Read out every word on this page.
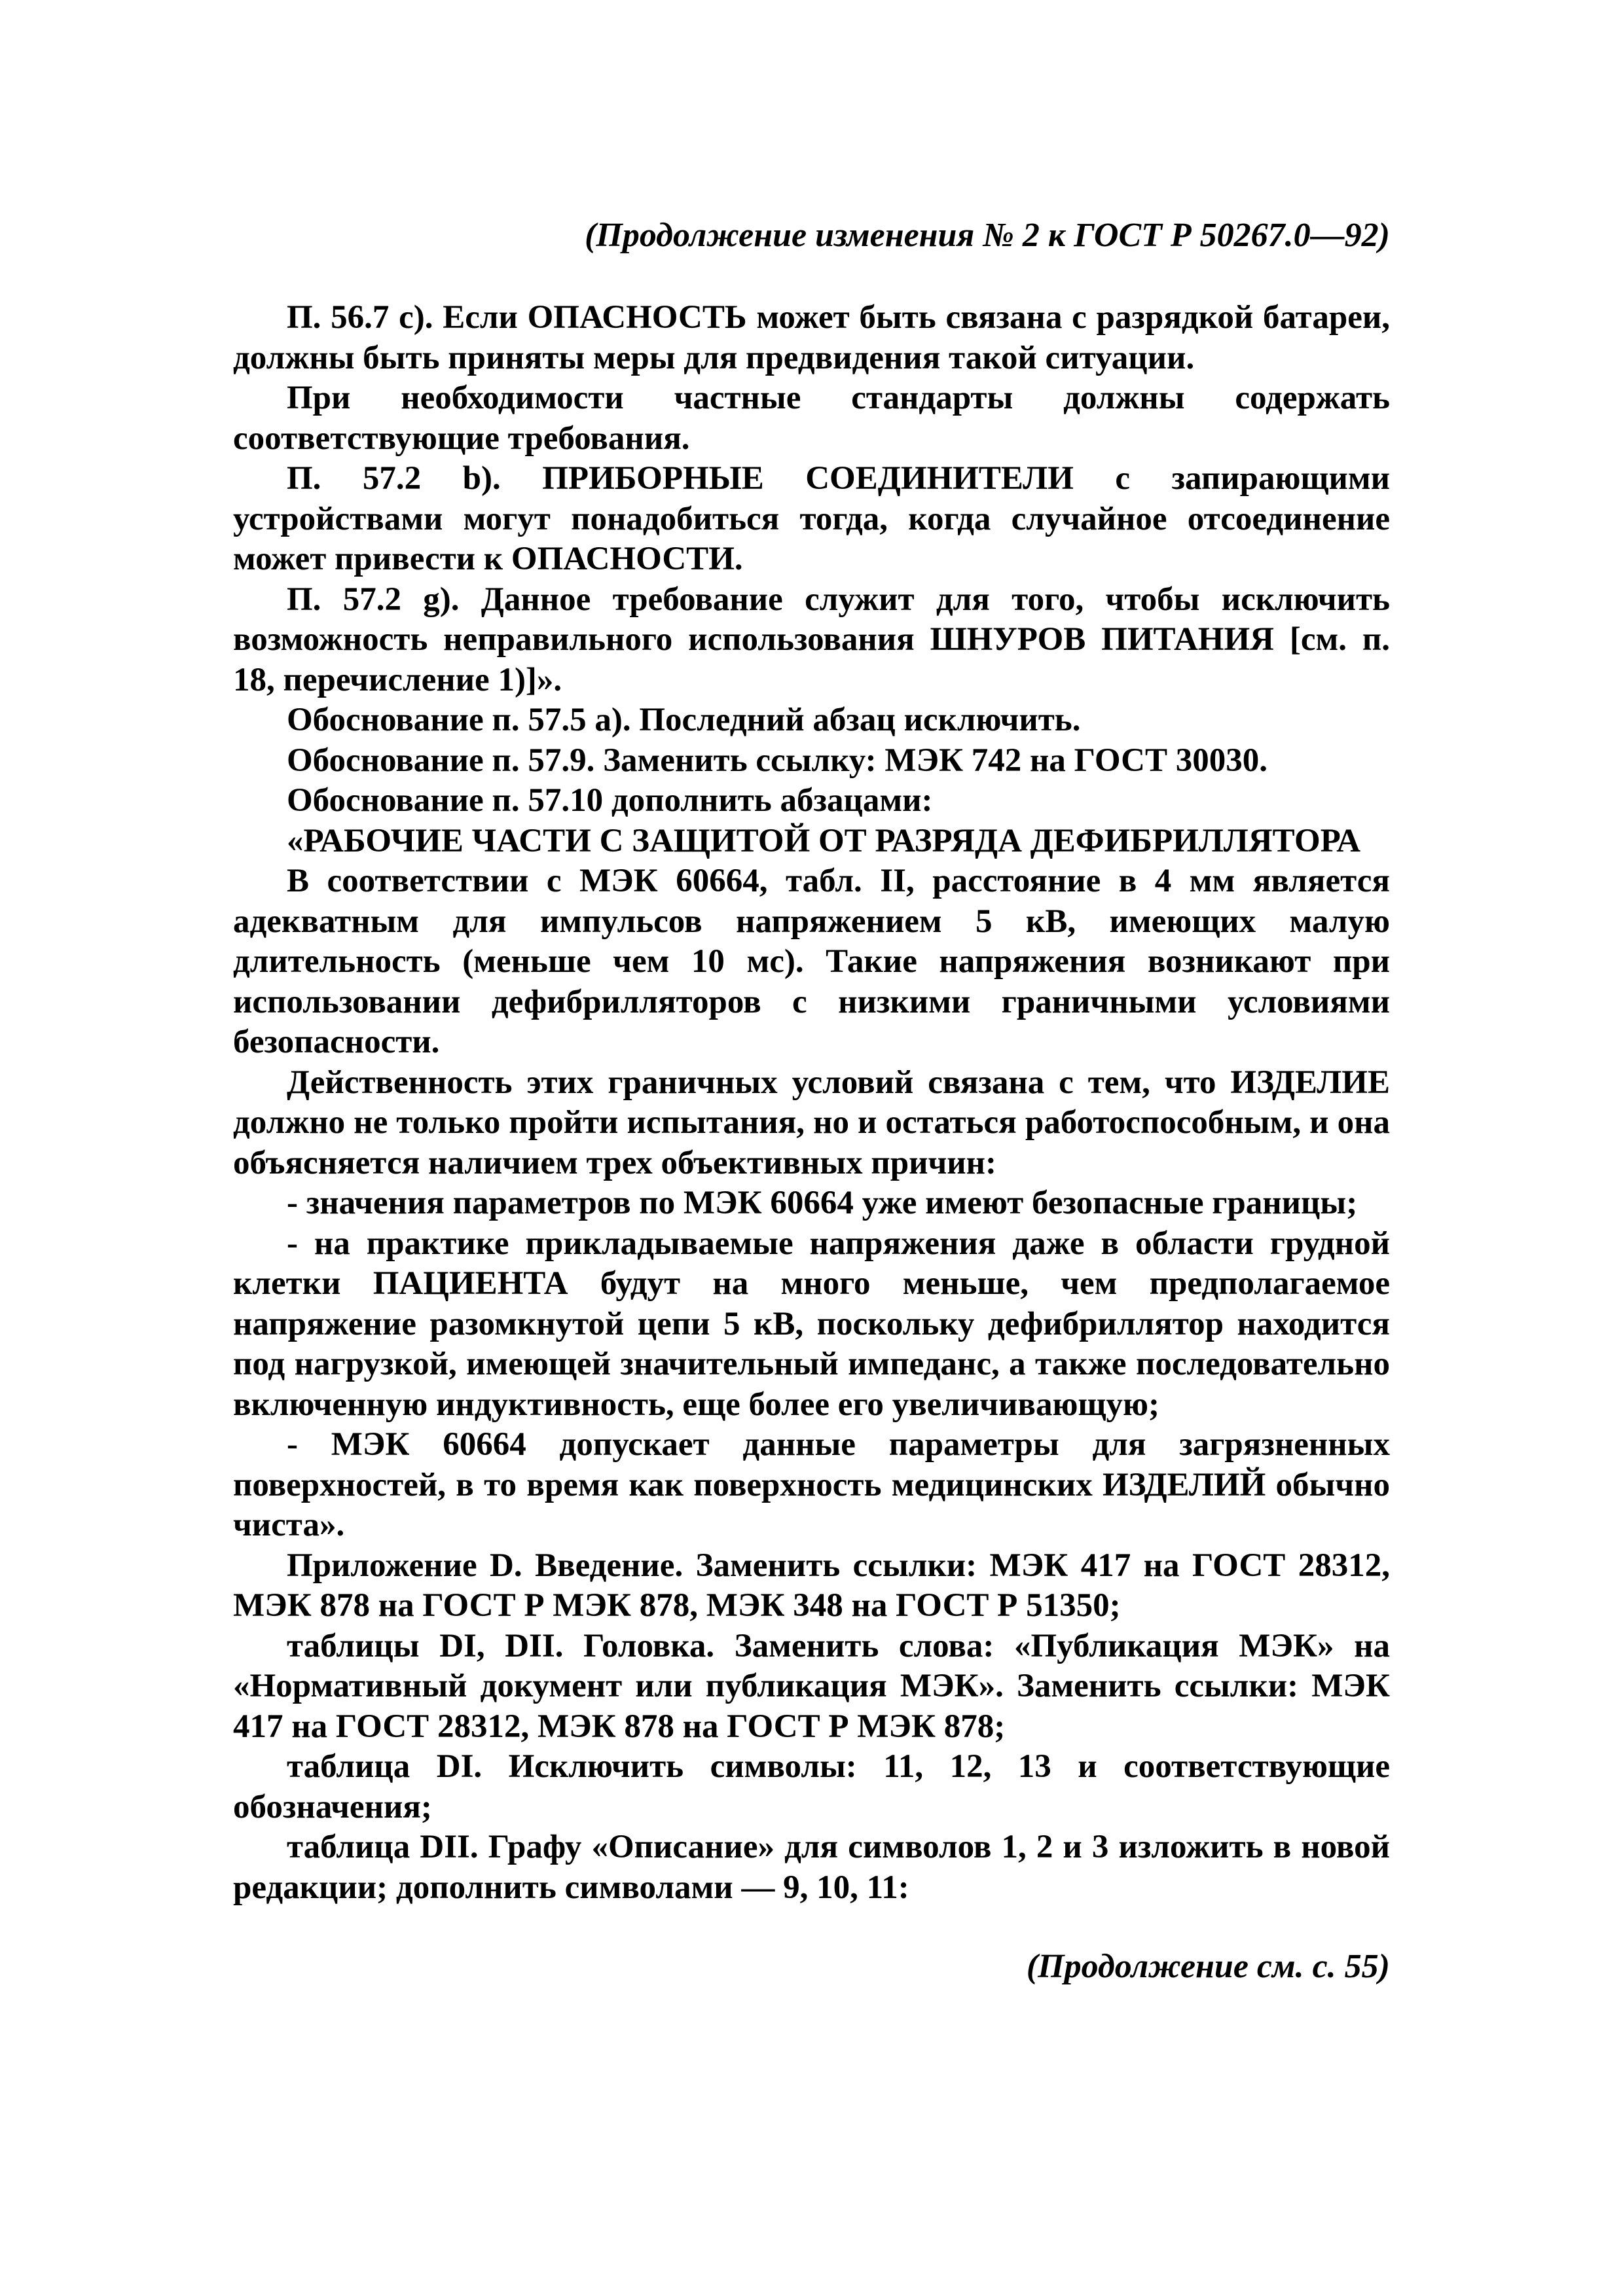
(Продолжение изменения № 2 к ГОСТ Р 50267.0—92)

П. 56.7 с). Если ОПАСНОСТЬ может быть связана с разрядкой батареи, должны быть приняты меры для предвидения такой ситуации.

При необходимости частные стандарты должны содержать соответствующие требования.

П. 57.2 b). ПРИБОРНЫЕ СОЕДИНИТЕЛИ с запирающими устройствами могут понадобиться тогда, когда случайное отсоединение может привести к ОПАСНОСТИ.

П. 57.2 g). Данное требование служит для того, чтобы исключить возможность неправильного использования ШНУРОВ ПИТАНИЯ [см. п. 18, перечисление 1)]».

Обоснование п. 57.5 а). Последний абзац исключить.

Обоснование п. 57.9. Заменить ссылку: МЭК 742 на ГОСТ 30030.

Обоснование п. 57.10 дополнить абзацами:

«РАБОЧИЕ ЧАСТИ С ЗАЩИТОЙ ОТ РАЗРЯДА ДЕФИБРИЛЛЯТОРА

В соответствии с МЭК 60664, табл. II, расстояние в 4 мм является адекватным для импульсов напряжением 5 кВ, имеющих малую длительность (меньше чем 10 мс). Такие напряжения возникают при использовании дефибрилляторов с низкими граничными условиями безопасности.

Действенность этих граничных условий связана с тем, что ИЗДЕЛИЕ должно не только пройти испытания, но и остаться работоспособным, и она объясняется наличием трех объективных причин:

- значения параметров по МЭК 60664 уже имеют безопасные границы;

- на практике прикладываемые напряжения даже в области грудной клетки ПАЦИЕНТА будут на много меньше, чем предполагаемое напряжение разомкнутой цепи 5 кВ, поскольку дефибриллятор находится под нагрузкой, имеющей значительный импеданс, а также последовательно включенную индуктивность, еще более его увеличивающую;

- МЭК 60664 допускает данные параметры для загрязненных поверхностей, в то время как поверхность медицинских ИЗДЕЛИЙ обычно чиста».

Приложение D. Введение. Заменить ссылки: МЭК 417 на ГОСТ 28312, МЭК 878 на ГОСТ Р МЭК 878, МЭК 348 на ГОСТ Р 51350;

таблицы DI, DII. Головка. Заменить слова: «Публикация МЭК» на «Нормативный документ или публикация МЭК». Заменить ссылки: МЭК 417 на ГОСТ 28312, МЭК 878 на ГОСТ Р МЭК 878;

таблица DI. Исключить символы: 11, 12, 13 и соответствующие обозначения;

таблица DII. Графу «Описание» для символов 1, 2 и 3 изложить в новой редакции; дополнить символами — 9, 10, 11:

(Продолжение см. с. 55)
